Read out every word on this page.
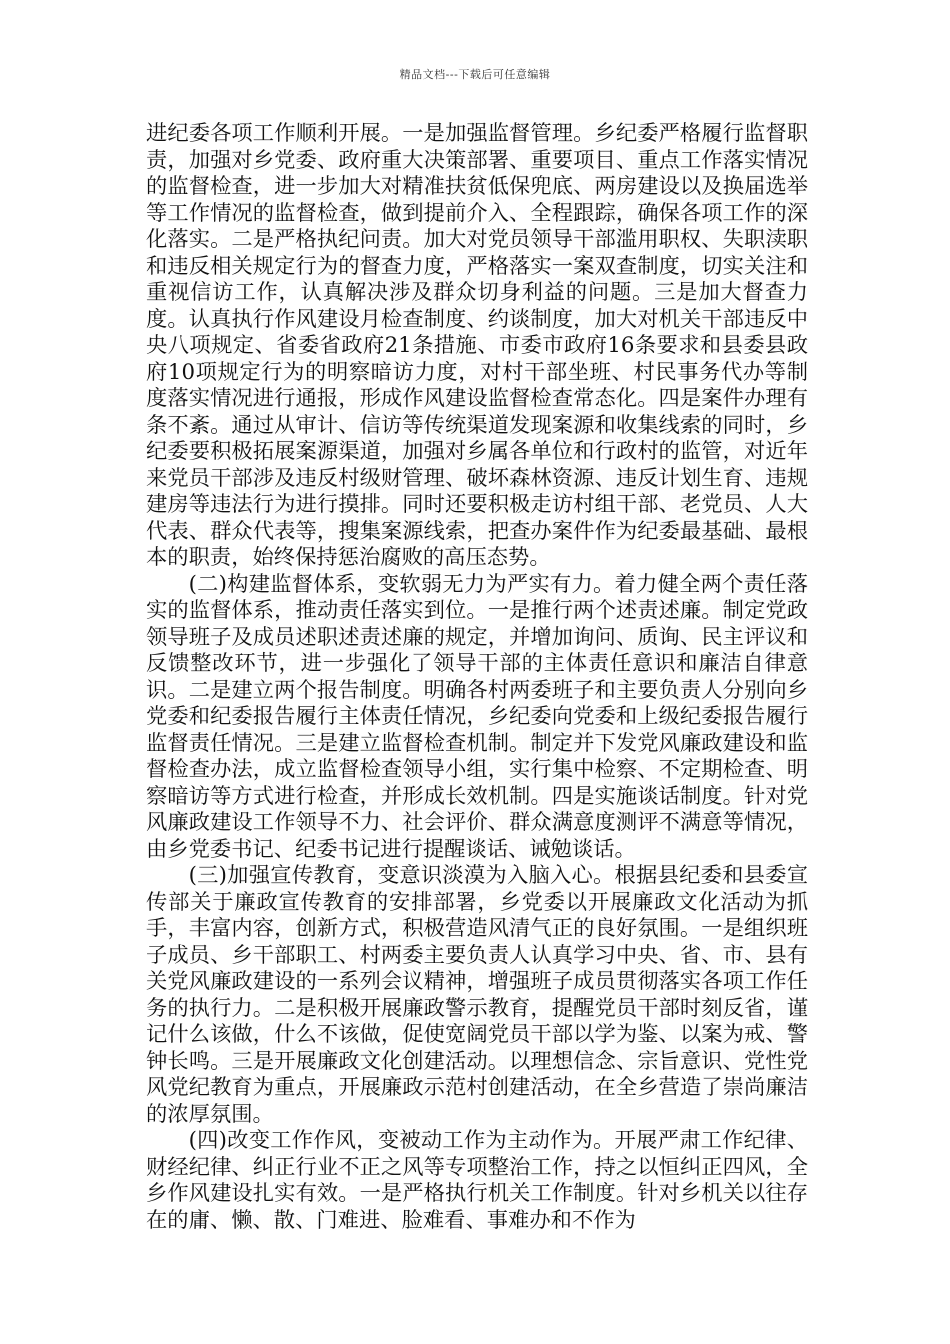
精品文档---下载后可任意编辑

进纪委各项工作顺利开展。一是加强监督管理。乡纪委严格履行监督职责，加强对乡党委、政府重大决策部署、重要项目、重点工作落实情况的监督检查，进一步加大对精准扶贫低保兜底、两房建设以及换届选举等工作情况的监督检查，做到提前介入、全程跟踪，确保各项工作的深化落实。二是严格执纪问责。加大对党员领导干部滥用职权、失职渎职和违反相关规定行为的督查力度，严格落实一案双查制度，切实关注和重视信访工作，认真解决涉及群众切身利益的问题。三是加大督查力度。认真执行作风建设月检查制度、约谈制度，加大对机关干部违反中央八项规定、省委省政府21条措施、市委市政府16条要求和县委县政府10项规定行为的明察暗访力度，对村干部坐班、村民事务代办等制度落实情况进行通报，形成作风建设监督检查常态化。四是案件办理有条不紊。通过从审计、信访等传统渠道发现案源和收集线索的同时，乡纪委要积极拓展案源渠道，加强对乡属各单位和行政村的监管，对近年来党员干部涉及违反村级财管理、破坏森林资源、违反计划生育、违规建房等违法行为进行摸排。同时还要积极走访村组干部、老党员、人大代表、群众代表等，搜集案源线索，把查办案件作为纪委最基础、最根本的职责，始终保持惩治腐败的高压态势。

(二)构建监督体系，变软弱无力为严实有力。着力健全两个责任落实的监督体系，推动责任落实到位。一是推行两个述责述廉。制定党政领导班子及成员述职述责述廉的规定，并增加询问、质询、民主评议和反馈整改环节，进一步强化了领导干部的主体责任意识和廉洁自律意识。二是建立两个报告制度。明确各村两委班子和主要负责人分别向乡党委和纪委报告履行主体责任情况，乡纪委向党委和上级纪委报告履行监督责任情况。三是建立监督检查机制。制定并下发党风廉政建设和监督检查办法，成立监督检查领导小组，实行集中检察、不定期检查、明察暗访等方式进行检查，并形成长效机制。四是实施谈话制度。针对党风廉政建设工作领导不力、社会评价、群众满意度测评不满意等情况，由乡党委书记、纪委书记进行提醒谈话、诫勉谈话。

(三)加强宣传教育，变意识淡漠为入脑入心。根据县纪委和县委宣传部关于廉政宣传教育的安排部署，乡党委以开展廉政文化活动为抓手，丰富内容，创新方式，积极营造风清气正的良好氛围。一是组织班子成员、乡干部职工、村两委主要负责人认真学习中央、省、市、县有关党风廉政建设的一系列会议精神，增强班子成员贯彻落实各项工作任务的执行力。二是积极开展廉政警示教育，提醒党员干部时刻反省，谨记什么该做，什么不该做，促使宽阔党员干部以学为鉴、以案为戒、警钟长鸣。三是开展廉政文化创建活动。以理想信念、宗旨意识、党性党风党纪教育为重点，开展廉政示范村创建活动，在全乡营造了崇尚廉洁的浓厚氛围。

(四)改变工作作风，变被动工作为主动作为。开展严肃工作纪律、财经纪律、纠正行业不正之风等专项整治工作，持之以恒纠正四风，全乡作风建设扎实有效。一是严格执行机关工作制度。针对乡机关以往存在的庸、懒、散、门难进、脸难看、事难办和不作为
